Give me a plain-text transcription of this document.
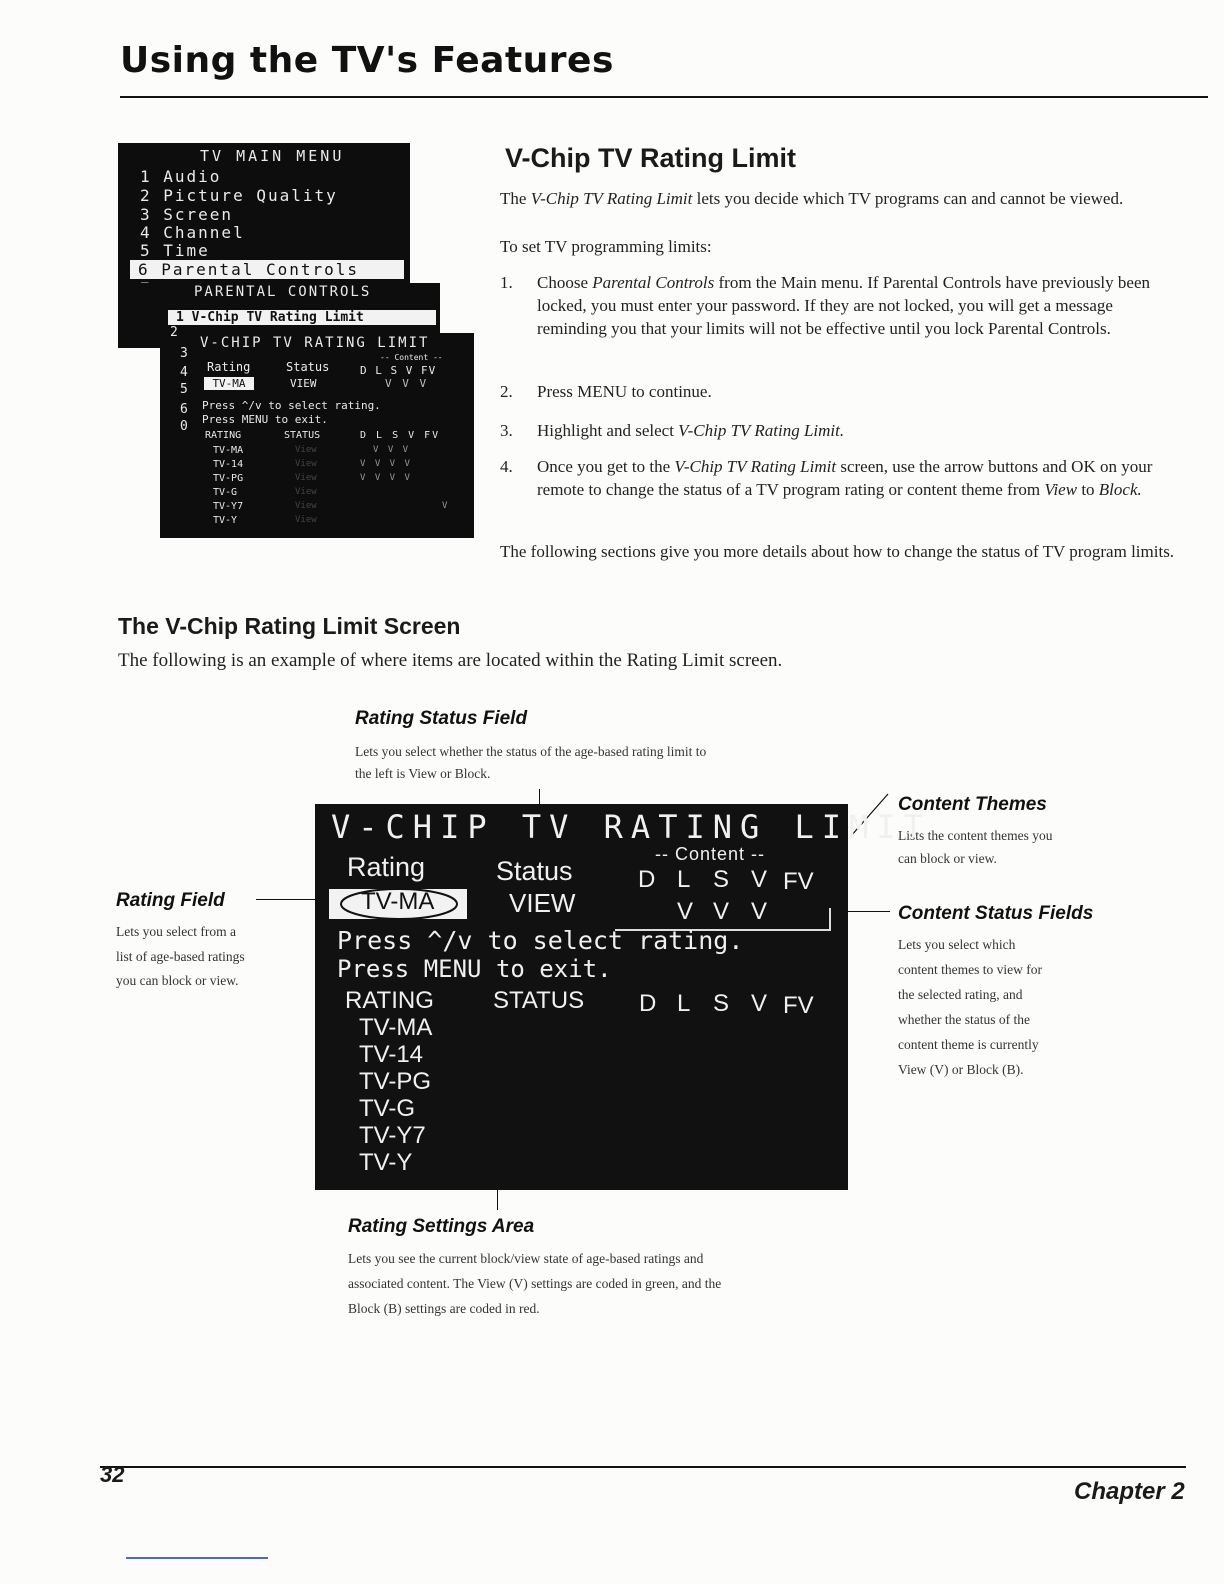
Using the TV's Features
TV MAIN MENU
1 Audio
2 Picture Quality
3 Screen
4 Channel
5 Time
6 Parental Controls
PARENTAL CONTROLS
1 V-Chip TV Rating Limit
V-CHIP TV RATING LIMIT
-- Content --
2
3
4
5
6
0
Rating	Status	D L S V FV
TV-MA	VIEW	V V V
Press ^/v to select rating.
Press MENU to exit.
RATING	STATUS	D L S V FV
TV-MA	View	V V V
TV-14	View	V V V V
TV-PG	View	V V V V
TV-G	View
TV-Y7	View	V
TV-Y	View
V-Chip TV Rating Limit
The V-Chip TV Rating Limit lets you decide which TV programs can and cannot be viewed.
To set TV programming limits:
1. Choose Parental Controls from the Main menu. If Parental Controls have previously been locked, you must enter your password. If they are not locked, you will get a message reminding you that your limits will not be effective until you lock Parental Controls.
2. Press MENU to continue.
3. Highlight and select V-Chip TV Rating Limit.
4. Once you get to the V-Chip TV Rating Limit screen, use the arrow buttons and OK on your remote to change the status of a TV program rating or content theme from View to Block.
The following sections give you more details about how to change the status of TV program limits.
The V-Chip Rating Limit Screen
The following is an example of where items are located within the Rating Limit screen.
Rating Status Field
Lets you select whether the status of the age-based rating limit to
the left is View or Block.
Content Themes
Lists the content themes you
can block or view.
Rating Field
Lets you select from a
list of age-based ratings
you can block or view.
Content Status Fields
Lets you select which
content themes to view for
the selected rating, and
whether the status of the
content theme is currently
View (V) or Block (B).
V-CHIP TV RATING LIMIT
-- Content --
Rating	Status	D L S V FV
TV-MA	VIEW	V V V
Press ^/v to select rating.
Press MENU to exit.
RATING STATUS D L S V FV
TV-MA
TV-14
TV-PG
TV-G
TV-Y7
TV-Y
Rating Settings Area
Lets you see the current block/view state of age-based ratings and
associated content. The View (V) settings are coded in green, and the
Block (B) settings are coded in red.
32
Chapter 2
